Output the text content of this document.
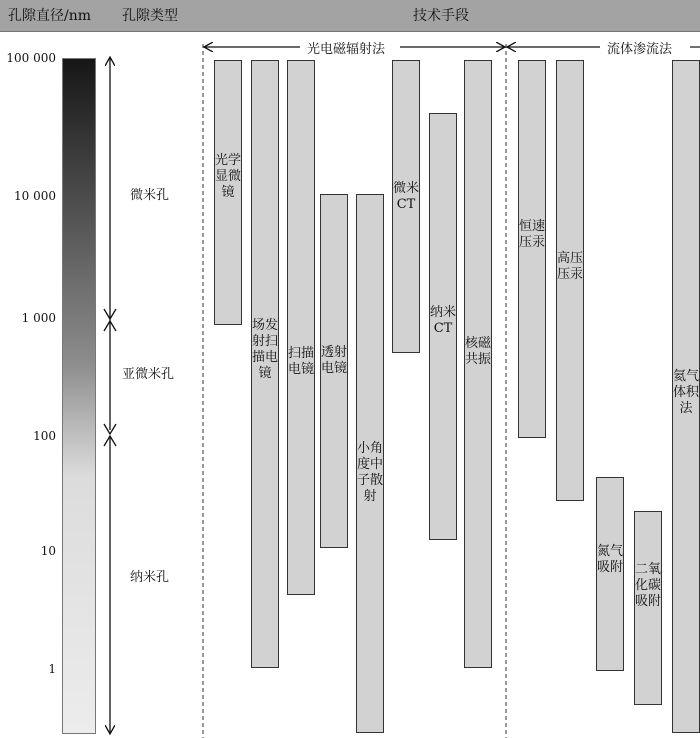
孔隙直径/nm 孔隙类型	技术手段
100 000
10 000
1 000
100
10
1
微米孔
亚微米孔
纳米孔
光电磁辐射法	流体渗流法
光学显微镜
场发射扫描电镜
扫描电镜
透射电镜
小角度中子散射
微米CT
纳米CT
核磁共振
恒速压汞
高压压汞
氮气吸附 二氧化碳吸附
氦气体积法
